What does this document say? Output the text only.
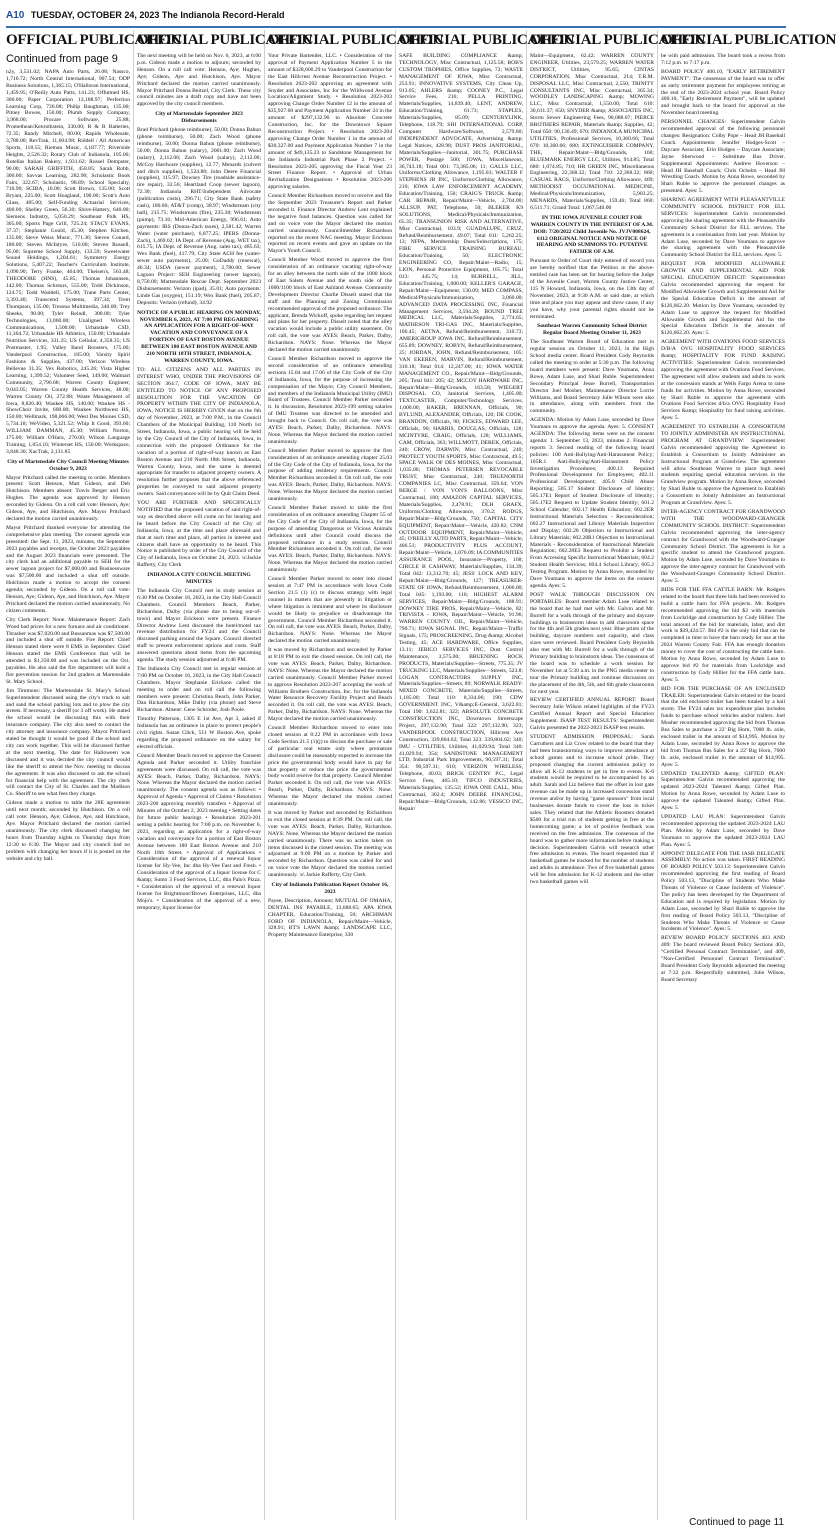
A10 TUESDAY, OCTOBER 24, 2023 The Indianola Record-Herald
OFFICIAL PUBLICATION
Continued from page 9

n2y, 3,531.02; NAPA Auto Parts, 26.08; Nassco, 1,710.72; North Central International, 907.54; ODP Business Solutions, 1,365.15; O'Halloran International, 1,459.95; O'Reilly Auto Parts, 141.23; Offutmed HS, 300.00; Paper Corporation 13,188.97; Perfection Learning Corp, 736.08; Philip Baughman, 135.00; Pitney Bowes, 150.00; Plumb Supply Company, 3,968.00; Procare Software, 25.88; Promethean/Kenrothstein, 330.00; R & R Batteries, 72.35; Randy Mitchell, 80.00; Rapids Wholesale, 3,788.00; RevTrak, 11,604.98; Riddell / All American Sports, 118.55; Rieman Music, 4,187.77; Riverside Heights, 2,526.32; Rotary Club of Indianola, 195.00; Rotellas Italian Bakery, 1,931.62; Russel Dempster, 90.00; SARAH GRIFFITH, 458.85; Sarah Robb, 300.00; Savvas Learning, 282.90; Scholastic Book Fairs, 322.67; Scholastic, 98.89; School Specialty, 710.90; SCIBA, 10.00; Scott Brown, 135.00; Scott Bryant, 225.00; Scott Hoagland, 190.00; Scott's Auto Glass, 485.00; Self-Funding Actuarial Services, 400.00; Shelley Green, 56.30; Shive-Hattery, 640.00; Siemens Industry, 5,050.29; Southeast Polk HS, 305.00; Sports Page Grill, 725.24; STACY EVANS, 37.37; Stephanie Gould, 45.30; Stephen Kitchen, 135.00; Steve Weiss Music, 771.36; Steven Conard, 180.00; Steven McIntyre, 510.00; Steven Russell, 95.00; Supreme School Supply, 133.59; Sweetwater Sound Holdings, 1,204.61; Symmetry Energy Solutions, 5,407.22; Teacher's Curriculum Institute, 1,090.90; Terry Franke, 464.00; Theisen's, 563.48; THEODORE (HNS), 45.85; Thomas Johannsen, 142.00; Thomas Schreurs, 555.00; Todd Dickinson, 124.75; Todd Waddell, 175.00; Trane Parts Center, 3,393.40; Transcend Systems, 397.34; Trent Thompson, 135.00; Tresona Multimedia, 340.00; Trey Sheeks, 90.00; Tyler Reindl, 300.00; Tyler Technologies, 13,060.00; Unaligned Wireless Communications, 1,500.00; Urbandale CSD, 11,364.72; Urbandale HS Athletics, 150.00; Urbandale Nutrition Services, 331.25; US Cellular, 4,358.35; US Postmaster, 1.95; Valley Band Boosters, 175.00; Vanderpool Construction, 185.00; Varsity Spirit Fashions & Supplies, 437.00; Verizon Wireless Bellevue 31.35; Vex Robotics, 245.26; Vista Higher Learning, 1,399.52; Volunteer Seed, 149.00; Walmart Community, 2,796.68; Warren County Engineer, 9,043.05; Warren County Health Services, 48.00; Warren County Oil, 272.88; Waste Management of Iowa, 8,826.40; Waukee HS, 140.00; Waukee HS - ShowChoir Invite, 600.00; Waukee Northwest HS, 150.00; Wellmark, 198,066.00; West Des Moines CSD, 5,734.18; WeVideo, 5,321.52; Whip It Good, 393.60; WILLIAM DAMMAN, 45.30; William Norton, 175.00; William O'Hara, 270.00; Wilson Language Training, 1,054.16; Winterset HS, 150.00; Workspace, 3,848.30; XacTrak, 2,131.85

City of Martensdale City Council Meeting Minutes October 9, 2023

Mayor Pritchard called the meeting to order. Members present: Scott Henson, Matt Gideon, and Deb Hutchison. Members absent: Travis Berger and Eric Hughes. The agenda was approved by Henson seconded by Gideon. On a roll call vote: Henson, Aye; Gideon, Aye, and Hutchison, Aye. Mayor Pritchard declared the motion carried unanimously.

Mayor Pritchard thanked everyone for attending the comprehensive plan meeting. The consent agenda was presented: the Sept. 11, 2023, minutes, the September 2023 payables and receipts, the October 2023 payables and the August 2023 financials were presented. The city clerk had an additional payable to SEH for the sewer lagoon project for $7,000.00 and Businessware was $7,500.00 and included a shut off outside. Hutchison made a motion to accept the consent agenda; seconded by Gideon. On a roll call vote: Henson, Aye; Gideon, Aye, and Hutchison, Aye. Mayor Pritchard declared the motion carried unanimously. No citizen comments.

City Clerk Report: None. Maintenance Report: Zach Wood had prices for a new furnace and air conditioner. Thrasher was $7,020.00 and Bussanmas was $7,500.00 and included a shut off outside. Fire Report: Chief Henson stated there were 8 EMS in September. Chief Henson stated the EMS Conference that will be attended is $1,350.00 and was included on the Oct. payables. He also said the fire department will hold a fire prevention session for 2nd graders at Martensdale St. Mary School.

Jim Timmons: The Martensdale St. Mary's School Superintendent discussed using the city's truck to salt and sand the school parking lots and to plow the city streets. If necessary, a sheriff (or 3 off work). He stated the school would be discussing this with their insurance company. The city also need to contact the city attorney and insurance company. Mayor Pritchard stated he thought it would be good if the school and city can work together. This will be discussed further at the next meeting. The date for Halloween was discussed and it was decided the city council would like the sheriff to attend the Nov. meeting to discuss the agreement. It was also discussed to ask the school for financial help with the agreement. The city clerk will contact the City of St. Charles and the Madison Co. Sheriff to see what fees they charge.

Gideon made a motion to table the 28E agreement until next month; seconded by Hutchison. On a roll call vote: Henson, Aye; Gideon, Aye, and Hutchison, Aye. Mayor Pritchard declared the motion carried unanimously. The city clerk discussed changing her hours from Thursday nights to Thursday days from 12:30 to 6:30. The Mayor and city council had no problem with changing her hours if it is posted on the website and city hall.

OFFICIAL PUBLICATION

The next meeting will be held on Nov. 6, 2023, at 6:00 p.m. Gideon made a motion to adjourn; seconded by Henson. On a roll call vote: Henson, Aye; Hughes, Aye; Gideon, Aye and Hutchison, Aye. Mayor Pritchard declared the motion carried unanimously. Mayor Pritchard Donna Beitzel, City Clerk. These city council minutes are a draft copy and have not been approved by the city council members.

City of Martensdale September 2023 Disbursements

Brad Prichard (phone reimburse), 50.00; Donna Bahun (phone reimburse), 50.00; Zach Wood (phone reimburse), 50.00; Donna Bahun (phone reimburse), 50.00; Donna Bahun (salary), 2001.00; Zach Wood (salary), 2,112.06; Zach Wood (salary), 2,112.06; McCoy Hardware (supplies), 12.77; Menards (culvert and ditch supplies), 1,524.88; John Deere Financial (supplies), 115.97; Downey Tire (roadside assistance-tire repair), 32.56; Heartland Coop (sewer lagoon), 72.30; Indianola RHT/Independent Advocate (publication costs), 296.71; City State Bank (safety cash), 100.00; AT&T (comp), 38.97; Windstream (city hall), 215.75; Windstream (fire), 235.38; Windstream (pump), 73.16; Mid-American Energy, 996.61; Auto payments: IRS (Donna-Zach taxes), 2,581.42; Warren Water (water purchase), 6,877.25; IPERS (Donna-Zach), 1,469.02; IA Dept. of Revenue (Aug. WET tax), 615.75; IA Dept. of Revenue (Aug. sales tax), 485.63; Wex Bank (fuel), 417.79; City State ACH fee (water-sewer auto payments), 25.00; GoDaddy (renewal), 46.34; USDA (sewer payment), 2,780.00; Sewer Lagoon Project: SEH Engineering (sewer lagoon), 8,750.00; Martensdale Rescue Dept. September 2023 Disbursements: Verizon (ipad), 35.01; Auto payments: Linde Gas (oxygen), 151.19; Wex Bank (fuel), 205.87; Deposits: Verizon (refund), 34.92

NOTICE OF A PUBLIC HEARING ON MONDAY, NOVEMBER 6, 2023, AT 7:00 PM REGARDING AN APPLICATION FOR A RIGHT-OF-WAY VACATION AND CONVEYANCE OF A PORTION OF EAST BOSTON AVENUE BETWEEN 180 EAST BOSTON AVENUE AND 210 NORTH 18TH STREET, INDIANOLA, WARREN COUNTY, IOWA.

TO: ALL CITIZENS AND ALL PARTIES IN INTEREST WHO, UNDER THE PROVISIONS OF SECTION 364.7, CODE OF IOWA, MAY BE ENTITLED TO NOTICE OF ANY PROPOSED RESOLUTION FOR THE VACATION OF PROPERTY WITHIN THE CITY OF INDIANOLA, IOWA, NOTICE IS HEREBY GIVEN that on the 6th day of November, 2023, at 7:00 P.M., in the Council Chambers of the Municipal Building, 110 North 1st Street, Indianola, Iowa, a public hearing will be held by the City Council of the City of Indianola, Iowa, in connection with the proposed Ordinance for the vacation of a portion of right-of-way known as East Boston Avenue and 210 North 18th Street, Indianola, Warren County, Iowa, and the same is deemed appropriate for transfer to adjacent property owners. A resolution further proposes that the above referenced properties be conveyed to said adjacent property owners. Said conveyances will be by Quit Claim Deed.

YOU ARE FURTHER AND SPECIFICALLY NOTIFIED that the proposed vacation of said right-of-way as described above will come on for hearing and be heard before the City Council of the City of Indianola, Iowa, at the time and place aforesaid and that at such time and place, all parties in interest and citizens shall have an opportunity to be heard. This Notice is published by order of the City Council of the City of Indianola, Iowa on October 24, 2023. \s\Jackie Rafferty, City Clerk

INDIANOLA CITY COUNCIL MEETING MINUTES

The Indianola City Council met in study session at 6:30 PM on October 16, 2023, in the City Hall Council Chambers. Council Members Beach, Parker, Richardson, Dalby (via phone due to being out-of-town) and Mayor Erickson were present. Finance Director Andrew Lent discussed the hotel/motel tax revenue distribution for FY24 and the Council discussed parking around the Square. Council directed staff to present enforcement options and costs. Staff answered questions about items from the upcoming agenda. The study session adjourned at 6:46 PM.

The Indianola City Council met in regular session at 7:00 PM on October 16, 2023, in the City Hall Council Chambers. Mayor Stephanie Erickson called the meeting to order and on roll call the following members were present: Christina Beach, John Parker, Dan Richardson, Mike Dalby (via phone) and Steve Richardson. Absent: Gene Schroder, Josh Poole.

Timothy Patterson, 1305 E 1st Ave, Apt 3, asked if Indianola has an ordinance in place to protect people's civil rights. Susan Glick, 511 W Boston Ave, spoke regarding the proposed ordinance on the salary for elected officials.

Council Member Beach moved to approve the Consent Agenda and Parker seconded it. Utility franchise agreements were discussed. On roll call, the vote was AYES: Beach, Parker, Dalby, Richardson. NAYS: None. Whereas the Mayor declared the motion carried unanimously. The consent agenda was as follows: • Approval of Agenda • Approval of Claims • Resolution 2023-200 approving monthly transfers • Approval of Minutes of the October 2, 2023 meeting • Setting dates for future public hearings • Resolution 2023-201 setting a public hearing for 7:00 p.m. on November 6, 2023, regarding an application for a right-of-way vacation and conveyance for a portion of East Boston Avenue between 180 East Boston Avenue and 210 North 18th Street. • Approval of Applications • Consideration of the approval of a renewal liquor license for Hy-Vee, Inc dba Hy-Vee Fast and Fresh. • Consideration of the approval of a liquor license for C &amp; Sumo 3 Food Services, LLC, dba Palo's Pizza. • Consideration of the approval of a renewal liquor license for Brightmoor/Brown Enterprises, LLC, dba Mojo's. • Consideration of the approval of a new, temporary, liquor license for

OFFICIAL PUBLICATION

Your Private Bartender, LLC. • Consideration of the approval of Payment Application Number 5 in the amount of $328,600.29 to Vanderpool Construction for the East Hillcrest Avenue Reconstruction Project. • Resolution 2023-202 approving an agreement with Snyder and Associates, Inc for the Wildwood Avenue Location/Alignment Study. • Resolution 2023-203 approving Change Order Number 12 in the amount of $35,927.60 and Payment Application Number 24 in the amount of $297,132.90 to Absolute Concrete Construction, Inc. for the Downtown Square Reconstruction Project. • Resolution 2023-204 approving Change Order Number 1 in the amount of $30,327.00 and Payment Application Number 7 in the amount of $49,135.23 to Sandstone Management for the Indianola Industrial Park Phase 2 Project. • Resolution 2023-205 approving the Fiscal Year 23 Street Finance Report. • Approval of Urban Revitalization Designations • Resolution 2023-206 approving salaries.

Council Member Richardson moved to receive and file the September 2023 Treasurer's Report and Parker seconded it. Finance Director Andrew Lent explained the negative fund balances. Question was called for and on voice vote the Mayor declared the motion carried unanimously. Councilmember Richardson reported on the recent NAC meeting. Mayor Erickson reported on recent events and gave an update on the Mayor's Youth Council.

Council Member Wood moved to approve the first consideration of an ordinance vacating right-of-way for an alley between the north side of the 1000 block of East Salem Avenue and the south side of the 1000/1100 block of East Ashland Avenue. Community Development Director Charlie Disselt stated that the staff and the Planning and Zoning Commission recommended approval of the proposed ordinance. The applicant, Brenda Wickoff, spoke regarding her request and plans for her property. Disselt noted that the alley vacation would include a public utility easement. On roll call, the vote was AYES: Beach, Parker, Dalby, Richardson. NAYS: None. Whereas the Mayor declared the motion carried unanimously.

Council Member Richardson moved to approve the second consideration of an ordinance amending sections 15.04 and 17.06 of the City Code of the City of Indianola, Iowa, for the purpose of increasing the compensation of the Mayor, City Council Members, and members of the Indianola Municipal Utility (IMU) Board of Trustees. Council Member Parker seconded it. In discussion, Resolution 2023-199 setting salaries of IMU Trustees was directed to be amended and brought back to Council. On roll call, the vote was AYES: Beach, Parker, Dalby, Richardson. NAYS: None. Whereas the Mayor declared the motion carried unanimously.

Council Member Parker moved to approve the first consideration of an ordinance amending chapter 25.03 of the City Code of the City of Indianola, Iowa, for the purpose of adding residency requirements. Council Member Richardson seconded it. On roll call, the vote was AYES: Beach, Parker, Dalby, Richardson. NAYS: None. Whereas the Mayor declared the motion carried unanimously.

Council Member Parker moved to table the first consideration of an ordinance amending Chapter 55 of the City Code of the City of Indianola, Iowa, for the purpose of amending Dangerous or Vicious Animals definitions until after Council could discuss the proposed ordinance in a study session. Council Member Richardson seconded it. On roll call, the vote was AYES: Beach, Parker, Dalby, Richardson. NAYS: None. Whereas the Mayor declared the motion carried unanimously.

Council Member Parker moved to enter into closed session at 7:47 PM in accordance with Iowa Code Section 21.5 (1) (c) to discuss strategy with legal counsel in matters that are presently in litigation or where litigation is imminent and where its disclosure would be likely to prejudice or disadvantage the government. Council Member Richardson seconded it. On roll call, the vote was AYES: Beach, Parker, Dalby, Richardson. NAYS: None. Whereas the Mayor declared the motion carried unanimously.

It was moved by Richardson and seconded by Parker at 8:18 PM to exit the closed session. On roll call, the vote was AYES: Beach, Parker, Dalby, Richardson. NAYS: None. Whereas the Mayor declared the motion carried unanimously. Council Member Parker moved to approve Resolution 2023-207 accepting the work of Williams Brothers Construction, Inc. for the Indianola Water Resource Recovery Facility Project and Beach seconded it. On roll call, the vote was AYES: Beach, Parker, Dalby, Richardson. NAYS: None. Whereas the Mayor declared the motion carried unanimously.

Council Member Richardson moved to enter into closed session at 8:22 PM in accordance with Iowa Code Section 21.5 (1)(j) to discuss the purchase or sale of particular real estate only where premature disclosure could be reasonably expected to increase the price the governmental body would have to pay for that property or reduce the price the governmental body would receive for that property. Council Member Parker seconded it. On roll call, the vote was AYES: Beach, Parker, Dalby, Richardson. NAYS: None. Whereas the Mayor declared the motion carried unanimously.

It was moved by Parker and seconded by Richardson to exit the closed session at 8:39 PM. On roll call, the vote was AYES: Beach, Parker, Dalby, Richardson. NAYS: None. Whereas the Mayor declared the motion carried unanimously. There was no action taken on items discussed in the closed session. The meeting was adjourned at 9:00 PM on a motion by Parker and seconded by Richardson. Question was called for and on voice vote the Mayor declared the motion carried unanimously. \s\ Jackie Rafferty, City Clerk

City of Indianola Publication Report October 16, 2023

Payee, Description, Amount; MUTUAL OF OMAHA, DENTAL INS PAYABLE, 13,688.65; APA IOWA CHAPTER, Education/Training, 50; ARCHIMAN FORD OF INDIANOLA, Repair/Maint—Vehicle, 328.91; BT'S LAWN &amp; LANDSCAPE LLC, Property Maintenance Enterprise, 330

OFFICIAL PUBLICATION

SAFE BUILDING COMPLIANCE &amp; TECHNOLOGY, Misc Contractual, 1,125.58; BOB'S CUSTOM TROPHIES, Office Supplies, 72; WASTE MANAGEMENT OF IOWA, Misc Contractual, 253.91; INNOVATIVE SYSTEMS, City Clean Up, 913.05; AHLERS &amp; COONEY P.C., Legal Service Fees, 216; PELLA PRINTING, Materials/Supplies, 14,839.40; LENT, ANDREW, Education/Training, 61.73; STAPLES, Materials/Supplies, 85.09; CENTURYLINK, Telephone, 118.79; SHI INTERNATIONAL CORP, Computer Hardware/Software, 2,579.80; INDEPENDENT ADVOCATE, Advertising &amp; Legal Notices, 428.98; DUST PROS JANITORIAL, Materials/Supplies—Janitorial, 301.75; PURCHASE POWER, Postage 500; IOWA, Miscellaneous, 36,743.18; Total 001: 73,385.06; 11; GALLS LLC, Uniforms/Clothing Allowance, 1,195.03; WALTER F STEPHENS JR INC, Uniforms/Clothing Allowance, 210; IOWA LAW ENFORCEMENT ACADEMY, Education/Training, 150; CRAIG'S TRUCK &amp; CAR REPAIR, Repair/Maint—Vehicle, 2,704.00; ALLSUP, PAT, Telephone, 50; BLEKER K9 SOLUTIONS, Medical/Physicals/Immunization, 65.35; TRANSUNION RISK AND ALTERNATIVE, Misc Contractual, 103.9; GUADALUPE, CRUZ, Refund/Reimbursement, 49.07; Total 011: 5,262.25; 13; NFPA, Membership Dues/Subscriptions, 175; FIRE SERVICE TRAINING BUREAU, Education/Training, 50; ELECTRONIC ENGINEERING CO, Repair/Maint—Radio, 15; LION, Personal Protective Equipment, 165.75; Total 013: 445.75; 14; BURRELL, JILL, Education/Training, 1,000.00; KELLER'S GARAGE, Repair/Maint—Equipment, 130.09; MED COMPASS, Medical/Physicals/Immunization, 3,060.00; ADVANCED DATA PROCESSING INC, Financial Management Services, 3,594.28; BOUND TREE MEDICAL LLC, Materials/Supplies, 2,774.65; MATHESON TRI-GAS INC, Materials/Supplies, 106.45; AETNA, Refund/Reimbursement, 310.73; AMERIGROUP IOWA INC, Refund/Reimbursement, 655.89; DOWNEY, ROBYN, Refund/Reimbursement, 25; JORDAN, JOHN, Refund/Reimbursement, 105; VAN EKEREN, MARVIN, Refund/Reimbursement, 310.18; Total 014: 12,247.00; 41; IOWA WATER MANAGEMENT CO., Repair/Maint—Bldg/Grounds, 205; Total 041: 205; 42; MCCOY HARDWARE INC, Repair/Maint—Bldg/Grounds, 163.58; WIEGERT DISPOSAL CO, Janitorial Services, 1,405.00; TEXTCASTER, Computer/Technology Services, 1,000.00; BAKER, BRENNAN, Officials, 90; BYLUND, ALEXANDER, Officials, 120; DE COOK, BRANDON, Officials, 90; FICKES, EDWARD LEE, Officials, 90; HARRIS, DOUGLAS, Officials, 128; MCINTYRE, CRAIG, Officials, 128; WILLIAMS, CAM, Officials, 363; WILLMOTT, DEREK, Officials, 240; CROW, DARWIN, Misc Contractual, 240; PROTECT YOUTH SPORTS, Misc Contractual, 49.5; SPACE WALK OF DES MOINES, Misc Contractual, 1,035.00; THOMAS PETERSEN REVOCABLE TRUST, Misc Contractual, 240; TRUENORTH COMPANIES LC, Misc Contractual, 359.64; VON BERGE / VON VON'S BALLOONS, Misc Contractual, 180; AMAZON CAPITAL SERVICES, Materials/Supplies, 2,478.91; DLH GRAFX, Uniforms/Clothing Allowance, 370.2; RODGS, Repair/Maint—Bldg/Grounds, 750; CAPITAL CITY EQUIPMENT, Repair/Maint—Vehicle, 420.82; CNM OUTDOOR EQUIPMENT, Repair/Maint—Vehicle, 45; O'REILLY AUTO PARTS, Repair/Maint—Vehicle, 406.51; PRODUCTIVITY PLUS ACCOUNT, Repair/Maint—Vehicle, 1,076.09; IA COMMUNITIES ASSURANCE POOL, Insurance—Property, 168; CIRCLE B CASHWAY, Materials/Supplies, 134.39; Total 042: 13,312.70; 45; JESS' LOCK AND KEY, Repair/Maint—Bldg/Grounds, 127; TREASURER-STATE OF IOWA, Refund/Reimbursement, 1,066.00; Total 045: 1,193.00; 110; HIGHEST ALARM SERVICES, Repair/Maint—Bldg/Grounds, 188.91; DOWNEY TIRE PROS, Repair/Maint—Vehicle, 82; TRIVISTA - IOWA, Repair/Maint—Vehicle, 91.96; WARREN COUNTY OIL, Repair/Maint—Vehicle, 790.71; IOWA SIGNAL INC, Repair/Maint—Traffic Signals, 175; PROSCREENING, Drug &amp; Alcohol Testing, 45; ACE HARDWARE, Office Supplies, 13.11; JERICO SERVICES INC, Dust Control Maintenance, 3,575.00; BRUENING ROCK PRODUCTS, Materials/Supplies—Streets, 775.35; JV TRUCKING LLC, Materials/Supplies—Streets, 523.8; LOGAN CONTRACTORS SUPPLY INC, Materials/Supplies—Streets, 89; NORWALK READY-MIXED CONCRETE, Materials/Supplies—Streets, 1,185.00; Total 110: 8,334.06; 190; CDW GOVERNMENT INC, V&amp;E-General, 3,622.81; Total 190: 3,622.81; 322; ABSOLUTE CONCRETE CONSTRUCTION INC, Downtown Streetscape Project, 297,132.90; Total 322: 297,132.90; 323; VANDERPOOL CONSTRUCTION, Hillcrest Ave Construction, 339,804.62; Total 323: 339,804.62; 340; IMU - UTILITIES, Utilities, 41,029.94; Total 340: 41,029.94; 354; SANDSTONE MANAGEMENT LTD, Industrial Park Improvements, 90,597.31; Total 354: 90,597.31; 610; VERIZON WIRELESS, Telephone, 40.03; BRICK GENTRY P.C., Legal Service Fees, 465.10; TIFCO INDUSTRIES, Materials/Supplies, 135.52; IOWA ONE CALL, Misc Contractual, 302.4; JOHN DEERE FINANCIAL, Repair/Maint—Bldg/Grounds, 142.86; VESSCO INC, Repair/

OFFICIAL PUBLICATION

Maint—Equipment, 62.42; WARREN COUNTY ENGINEER, Utilities, 23,579.25; WARREN WATER DISTRICT, Utilities, 95.65; CINTAS CORPORATION, Misc Contractual, 214; T.R.M. DISPOSAL LLC, Misc Contractual, 2,550; TRINITY CONSULTANTS INC, Misc Contractual, 365.34; WOODLEY LANDSCAPING &amp; MOWING LLC, Misc Contractual, 1,550.00; Total 610: 30,611.37; 650; SNYDER &amp; ASSOCIATES INC, Storm Sewer Engineering Fees, 90,088.07; PIERCE BROTHERS REPAIR, Materials &amp; Supplies, 42; Total 650: 90,130.49; 670; INDIANOLA MUNICIPAL UTILITIES, Professional Services, 10,360.66; Total 670: 10,360.66; 680; EXTINGUISHER COMPANY, THE, Repair/Maint—Bldg/Grounds, 160; BLUEMARK ENERGY LLC, Utilities, 914.85; Total 680: 1,074.85; 710; HR GREEN INC, Miscellaneous Engineering, 22,368.32; Total 710: 22,368.32; 860; CASUAL RAGS, Uniforms/Clothing Allowance, 469; METHODIST OCCUPATIONAL MEDICINE, Medical/Physicals/Immunization, 5,903.25; MENARDS, Materials/Supplies, 159.46; Total 860: 6,511.71; Grand Total: 1,067,540.00

IN THE IOWA JUVENILE COURT FOR WARREN COUNTY IN THE INTEREST OF A.M. DOB: 7/20/2022 Child Juvenile No. JVJV008624, 6112 ORIGINAL NOTICE AND NOTICE OF HEARING AND SUMMONS TO: PUTATIVE FATHER OF A.M.

Pursuant to Order of Court duly entered of record you are hereby notified that the Petition in the above-entitled case has been set for hearing before the Judge of the Juvenile Court, Warren County Justice Center, 115 N Howard, Indianola, Iowa, on the 13th day of November, 2023, at 9:30 A.M. or said date, at which time and place you may appear and show cause, if any you have, why your parental rights should not be terminated.

Southeast Warren Community School District Regular Board Meeting October 11, 2023

The Southeast Warren Board of Education met in regular session on October 11, 2023, in the High School media center. Board President Cody Reynolds called the meeting to order at 5:30 p.m. The following board members were present: Dave Youmans, Anna Rowe, Adam Luse, and Shari Ruble. Superintendent Secondary Principal Jesse Burrell, Transportation Director Joel Mosher, Maintenance Director Lorrie Williams, and Board Secretary Julie Wilson were also in attendance, along with members from the community.

AGENDA: Motion by Adam Luse, seconded by Dave Youmans to approve the agenda. Ayes: 5. CONSENT AGENDA: The following items were on the consent agenda: 1. September 13, 2023, minutes 2. Financial reports 3. Second reading of the following board policies: 100 Anti-Bullying/Anti-Harassment Policy; 105R.1 Anti-Bullying/Anti-Harassment Policy Investigation Procedures; 400.13 Required Professional Development for Employees; 402.11 Professional Development; 405.8 Child Abuse Reporting; 505.17 Student Disclosure of Identity; 505.17E1 Report of Student Disclosure of Identity; 505.17E2 Request to Update Student Identity; 601.2 School Calendar; 602.17 Health Education; 602.2ER Instructional Materials Selection - Reconsideration; 602.27 Instructional and Library Materials Inspection and Display; 602.28 Objection to Instructional and Library Materials; 602.28R1 Objection to Instructional Materials - Reconsideration of Instructional Materials Regulation; 602.28E3 Request to Prohibit a Student From Accessing Specific Instructional Materials; 604.2 Student Health Services; 604.4 School Library; 605.2 Testing Program. Motion by Anna Rowe, seconded by Dave Youmans to approve the items on the consent agenda. Ayes: 5.

POST WALK THROUGH DISCUSSION ON PORTABLES: Board member Adam Luse related to the board that he had met with Mr. Galvin and Mr. Burrell for a walk through of the primary and daycare buildings to brainstorm ideas to add classroom space for the 4th and 5th grades next year. Blue prints of the building, daycare numbers and capacity, and class sizes were reviewed. Board President Cody Reynolds also met with Mr. Burrell for a walk through of the Primary building to brainstorm ideas. The consensus of the board was to schedule a work session for November 1st at 5:30 a.m. in the PNG media center to tour the Primary building and continue discussion on the placement of the 4th, 5th, and 6th grade classrooms for next year.

REVIEW CERTIFIED ANNUAL REPORT: Board Secretary Julie Wilson related highlights of the FY23 Certified Annual Report and Special Education Supplement. ISASP TEST RESULTS: Superintendent Galvin presented the 2022-2023 ISASP test results.

STUDENT ADMISSION PROPOSAL: Sarah Carruthers and Liz Crow related to the board that they had been brainstorming ways to improve attendance at school games and to increase school pride. They proposed changing the current admission policy to allow all K-12 students to get in free to events. K-6 students would be required to be accompanied by an adult. Sarah and Liz believe that the offset in lost gate revenue can be made up in increased concession stand revenue and/or by having "game sponsors" from local businesses donate funds to cover the loss in ticket sales. They related that the Athletic Boosters donated $500 for a trial run of students getting in free at the homecoming game; a lot of positive feedback was received on the free admission. The consensus of the board was to gather more information before making a decision. Superintendent Galvin will research other free admission to events. The board requested that if basketball games be tracked for the number of students and adults in attendance. Two of five basketball games will be free admission for K-12 students and the other two basketball games will

OFFICIAL PUBLICATION

be with paid admission. The board took a recess from 7:12 p.m. to 7:17 p.m.

BOARD POLICY 400.10, "EARLY RETIREMENT PAYMENT": The consensus of the board was to offer an early retirement payment for employees retiring at the end of the 2023-2024 school year. Board Policy 400.10, "Early Retirement Payment", will be updated and brought back to the board for approval at the November board meeting.

PERSONNEL CHANGES: Superintendent Galvin recommended approval of the following personnel changes: Resignation: Colby Pope – Head JH Baseball Coach. Appointments: Jennifer Hodges-Scott – Daycare Associate; Erin Hodges – Daycare Associate; Jayne Sherwood – Substitute Bus Driver. Supplemental Appointments: Andrew Hoverson – Head JH Baseball Coach; Chris Ochelm – Head JH Wrestling Coach. Motion by Anna Rowe, seconded by Shari Ruble to approve the personnel changes as presented. Ayes: 5.

SHARING AGREEMENT WITH PLEASANTVILLE COMMUNITY SCHOOL DISTRICT FOR ELL SERVICES: Superintendent Galvin recommended approving the sharing agreement with the Pleasantville Community School District for ELL services. The agreement is a continuation from last year. Motion by Adam Luse, seconded by Dave Youmans to approve the sharing agreement with the Pleasantville Community School District for ELL services. Ayes: 5.

REQUEST FOR MODIFIED ALLOWABLE GROWTH AND SUPPLEMENTAL AID FOR SPECIAL EDUCATION DEFICIT: Superintendent Galvin recommended approving the request for Modified Allowable Growth and Supplemental Aid for the Special Education Deficit in the amount of $126,662.20. Motion by Dave Youmans, seconded by Adam Luse to approve the request for Modified Allowable Growth and Supplemental Aid for the Special Education Deficit in the amount of $126,662.20. Ayes: 5.

AGREEMENT WITH OVATIONS FOOD SERVICES D/B/A OVG HOSPITALITY FOOD SERVICES &amp; HOSPITALITY FOR FUND RAISING ACTIVITIES: Superintendent Galvin recommended approving the agreement with Ovations Food Services. The agreement will allow students and adults to work at the concession stands at Wells Fargo Arena to raise funds for activities. Motion by Anna Rowe, seconded by Shari Ruble to approve the agreement with Ovations Food Services d/b/a OVG Hospitality Food Services &amp; Hospitality for fund raising activities. Ayes: 5.

AGREEMENT TO ESTABLISH A CONSORTIUM TO JOINTLY ADMINISTER AN INSTRUCTIONAL PROGRAM AT GRANDVIEW: Superintendent Galvin recommended approving the Agreement to Establish a Consortium to Jointly Administer an Instructional Program at Grandview. The agreement will allow Southeast Warren to place high need students requiring special education services in the Grandview program. Motion by Anna Rowe, seconded by Shari Ruble to approve the Agreement to Establish a Consortium to Jointly Administer an Instructional Program at Grandview. Ayes: 5.

INTER-AGENCY CONTRACT FOR GRANDWOOD WITH THE WOODWARD-GRANGER COMMUNITY SCHOOL DISTRICT: Superintendent Galvin recommended approving the inter-agency contract for Grandwood with the Woodward-Granger Community School District. The agreement is for a specific student to attend the Grandwood program. Motion by Adam Luse, seconded by Dave Youmans to approve the inter-agency contract for Grandwood with the Woodward-Granger Community School District. Ayes: 5.

BIDS FOR THE FFA CATTLE BARN: Mr. Rodgers related to the board that three bids had been received to build a cattle barn for FFA projects. Mr. Rodgers recommended approving the bid $2 with materials from Lockridge and construction by Cody Hillier. The total amount of the bid for materials, labor, and dirt work is $39,424.57. Bid #2 is the only bid that can be completed in time to have the barn ready for use at the 2024 Warren County Fair. FFA has enough donation money to cover the cost of constructing the cattle barn. Motion by Anna Rowe, seconded by Adam Luse to approve bid #2 for materials from Lockridge and construction by Cody Hillier for the FFA cattle barn. Ayes: 5.

BID FOR THE PURCHASE OF AN ENCLOSED TRAILER: Superintendent Galvin related to the board that the old enclosed trailer has been totaled by a hail storm. The FY24 sales tax expenditure plan includes funds to purchase school vehicles and/or trailers. Joel Mosher recommended approving the bid from Thomas Bus Sales to purchase a 22' Big Horn, 7000 lb. axle, enclosed trailer in the amount of $14,995. Motion by Adam Luse, seconded by Anna Rowe to approve the bid from Thomas Bus Sales for a 22' Big Horn, 7000 lb. axle, enclosed trailer in the amount of $14,995. Ayes: 5.

UPDATED TALENTED &amp; GIFTED PLAN: Superintendent Galvin recommended approving the updated 2023-2024 Talented &amp; Gifted Plan. Motion by Anna Rowe, seconded by Adam Luse to approve the updated Talented &amp; Gifted Plan. Ayes: 5.

UPDATED LAU PLAN: Superintendent Galvin recommended approving the updated 2023-2024 LAU Plan. Motion by Adam Luse, seconded by Dave Youmans to approve the updated 2023-2024 LAU Plan. Ayes: 5.

APPOINT DELEGATE FOR THE IASB DELEGATE ASSEMBLY: No action was taken. FIRST READING OF BOARD POLICY 503.13: Superintendent Galvin recommended approving the first reading of Board Policy 503.13, "Discipline of Students Who Make Threats of Violence or Cause Incidents of Violence". The policy has been developed by the Department of Education and is required by legislation. Motion by Adam Luse, seconded by Shari Ruble to approve the first reading of Board Policy 503.13, "Discipline of Students Who Make Threats of Violence or Cause Incidents of Violence". Ayes: 5.

REVIEW BOARD POLICY SECTIONS 403 AND 409: The board reviewed Board Policy Sections 403, "Certified Personal Contract Termination", and 409, "Non-Certified Personnel Contract Termination". Board President Cody Reynolds adjourned the meeting at 7:32 p.m. Respectfully submitted, Julie Wilson, Board Secretary

Continued to page 11
